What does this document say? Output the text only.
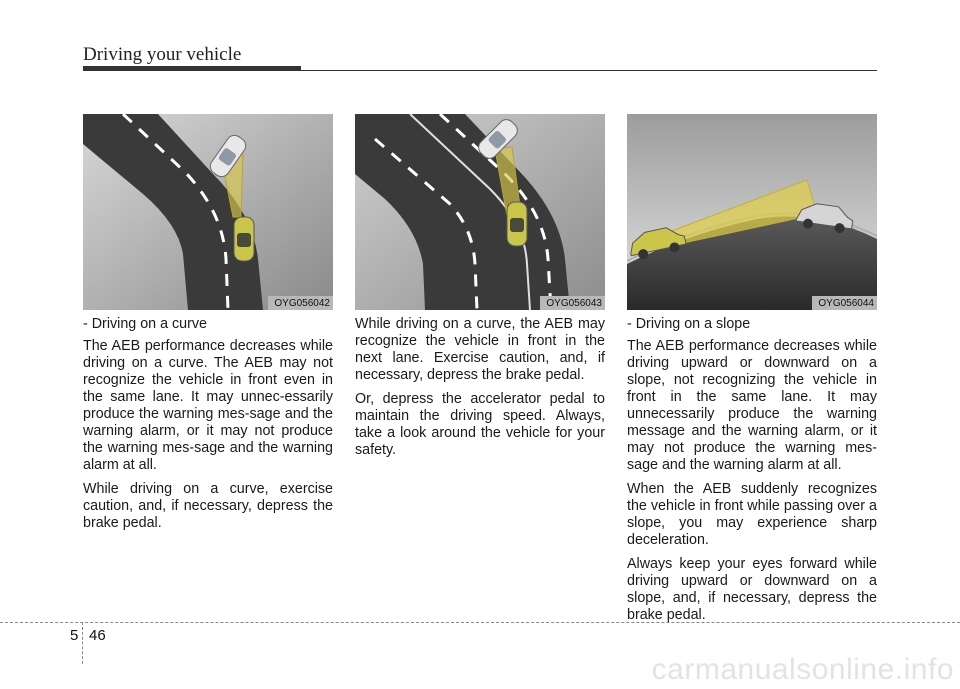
Driving your vehicle
OYG056042	OYG056043	OYG056044

- Driving on a curve

The AEB performance decreases while driving on a curve. The AEB may not recognize the vehicle in front even in the same lane. It may unnec-essarily produce the warning mes-sage and the warning alarm, or it may not produce the warning mes-sage and the warning alarm at all.

While driving on a curve, exercise caution, and, if necessary, depress the brake pedal.

While driving on a curve, the AEB may recognize the vehicle in front in the next lane. Exercise caution, and, if necessary, depress the brake pedal.

Or, depress the accelerator pedal to maintain the driving speed. Always, take a look around the vehicle for your safety.

- Driving on a slope

The AEB performance decreases while driving upward or downward on a slope, not recognizing the vehicle in front in the same lane. It may unnecessarily produce the warning message and the warning alarm, or it may not produce the warning mes-sage and the warning alarm at all.

When the AEB suddenly recognizes the vehicle in front while passing over a slope, you may experience sharp deceleration.

Always keep your eyes forward while driving upward or downward on a slope, and, if necessary, depress the brake pedal.

5 46
carmanualsonline.info
